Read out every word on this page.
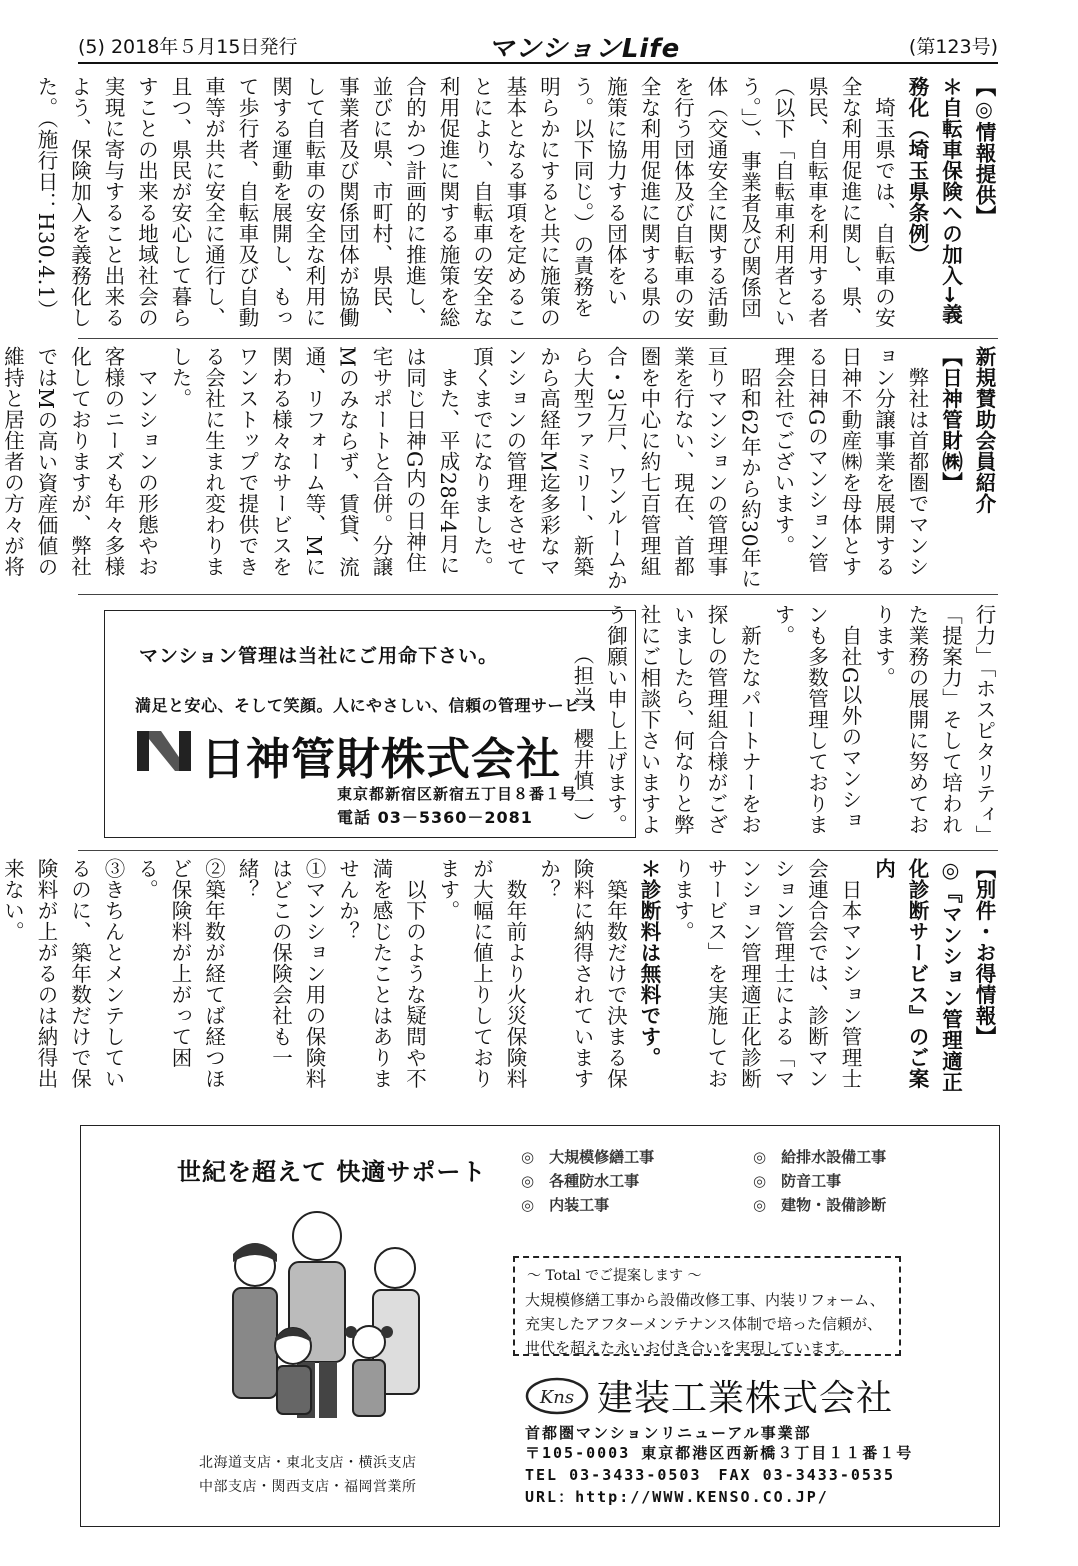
(5) 2018年５月15日発行	マンションLife	(第123号)
【◎情報提供】
＊自転車保険への加入→義務化（埼玉県条例）
埼玉県では、自転車の安全な利用促進に関し、県、県民、自転車を利用する者（以下「自転車利用者という。」）、事業者及び関係団体（交通安全に関する活動を行う団体及び自転車の安全な利用促進に関する県の施策に協力する団体をいう。以下同じ。）の責務を明らかにすると共に施策の基本となる事項を定めることにより、自転車の安全な利用促進に関する施策を総合的かつ計画的に推進し、並びに県、市町村、県民、事業者及び関係団体が協働して自転車の安全な利用に関する運動を展開し、もって歩行者、自転車及び自動車等が共に安全に通行し、且つ、県民が安心して暮らすことの出来る地域社会の実現に寄与すること出来るよう、保険加入を義務化した。（施行日：H30.4.1）
新規賛助会員紹介
【日神管財㈱】
弊社は首都圏でマンション分譲事業を展開する日神不動産㈱を母体とする日神Gのマンション管理会社でございます。
昭和62年から約30年に亘りマンションの管理事業を行ない、現在、首都圏を中心に約七百管理組合・3万戸、ワンルームから大型ファミリー、新築から高経年M迄多彩なマンションの管理をさせて頂くまでになりました。
また、平成28年4月には同じ日神G内の日神住宅サポートと合併。分譲Mのみならず、賃貸、流通、リフォーム等、Mに関わる様々なサービスをワンストップで提供できる会社に生まれ変わりました。
マンションの形態やお客様のニーズも年々多様化しておりますが、弊社ではMの高い資産価値の維持と居住者の方々が将
行力」「ホスピタリティ」「提案力」そして培われた業務の展開に努めております。
自社G以外のマンションも多数管理しております。
新たなパートナーをお探しの管理組合様がございましたら、何なりと弊社にご相談下さいますよう御願い申し上げます。
（担当　櫻井慎一）
マンション管理は当社にご用命下さい。
満足と安心、そして笑顔。人にやさしい、信頼の管理サービス
日神管財株式会社
東京都新宿区新宿五丁目８番１号
電話 03－5360－2081
【別件・お得情報】
◎『マンション管理適正化診断サービス』のご案内
日本マンション管理士会連合会では、診断マンション管理士による「マンション管理適正化診断サービス」を実施しております。
＊診断料は無料です。
築年数だけで決まる保険料に納得されていますか？
数年前より火災保険料が大幅に値上りしております。
以下のような疑問や不満を感じたことはありませんか？
①マンション用の保険料はどこの保険会社も一緒？
②築年数が経てば経つほど保険料が上がって困る。
③きちんとメンテしているのに、築年数だけで保険料が上がるのは納得出来ない。
世紀を超えて 快適サポート
◎　大規模修繕工事
◎　各種防水工事
◎　内装工事
◎　給排水設備工事
◎　防音工事
◎　建物・設備診断
～ Total でご提案します ～
大規模修繕工事から設備改修工事、内装リフォーム、
充実したアフターメンテナンス体制で培った信頼が、
世代を超えた永いお付き合いを実現しています。
北海道支店・東北支店・横浜支店
中部支店・関西支店・福岡営業所
Kns 建装工業株式会社
首都圏マンションリニューアル事業部
〒105-0003 東京都港区西新橋３丁目１１番１号
TEL 03-3433-0503　FAX 03-3433-0535
URL：http://WWW.KENSO.CO.JP/
